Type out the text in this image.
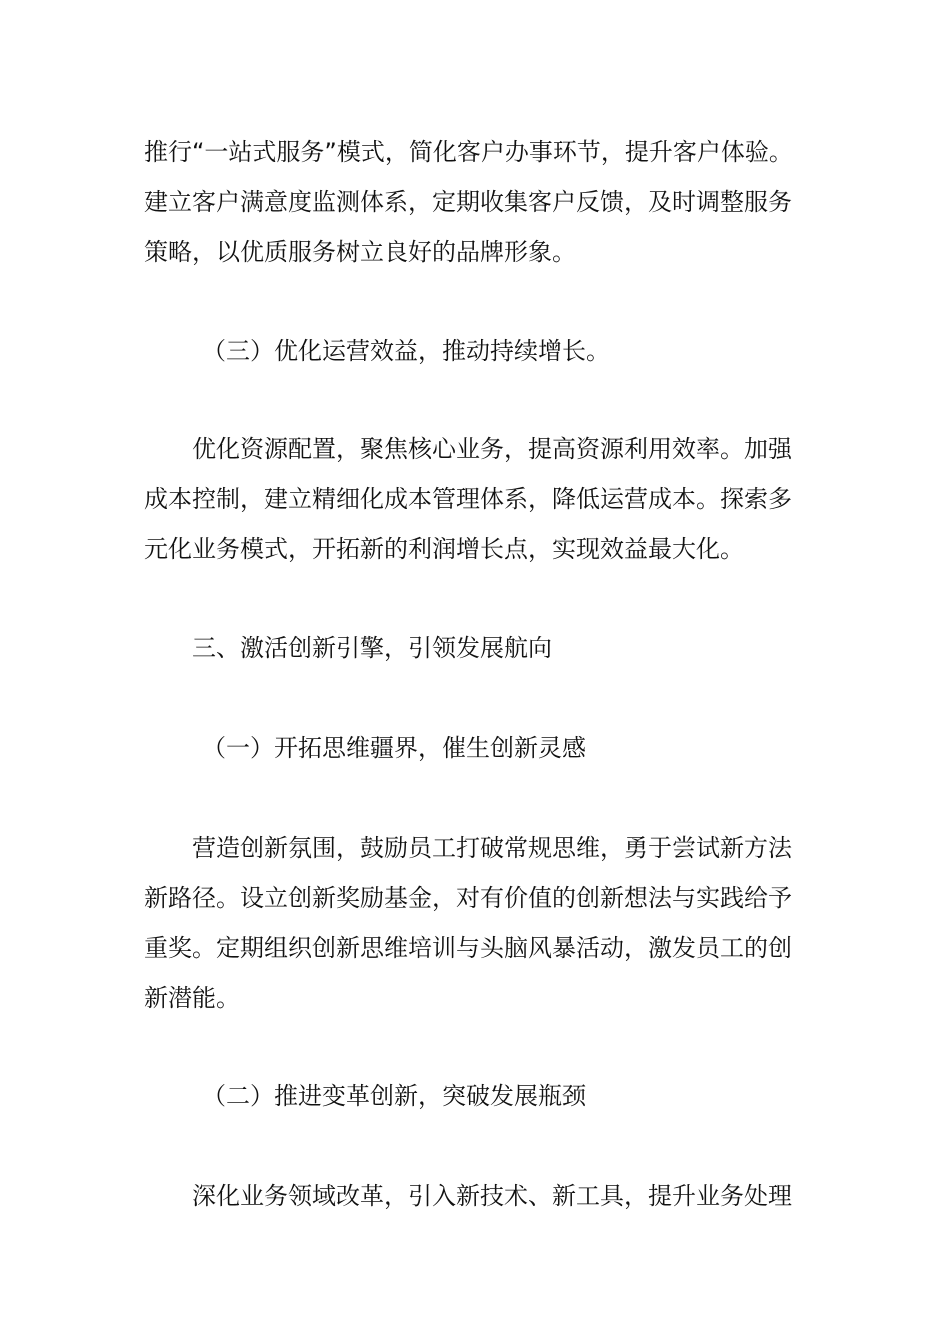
推行“一站式服务”模式，简化客户办事环节，提升客户体验。
建立客户满意度监测体系，定期收集客户反馈，及时调整服务
策略，以优质服务树立良好的品牌形象。
（三）优化运营效益，推动持续增长。
优化资源配置，聚焦核心业务，提高资源利用效率。加强
成本控制，建立精细化成本管理体系，降低运营成本。探索多
元化业务模式，开拓新的利润增长点，实现效益最大化。
三、激活创新引擎，引领发展航向
（一）开拓思维疆界，催生创新灵感
营造创新氛围，鼓励员工打破常规思维，勇于尝试新方法
新路径。设立创新奖励基金，对有价值的创新想法与实践给予
重奖。定期组织创新思维培训与头脑风暴活动，激发员工的创
新潜能。
（二）推进变革创新，突破发展瓶颈
深化业务领域改革，引入新技术、新工具，提升业务处理
